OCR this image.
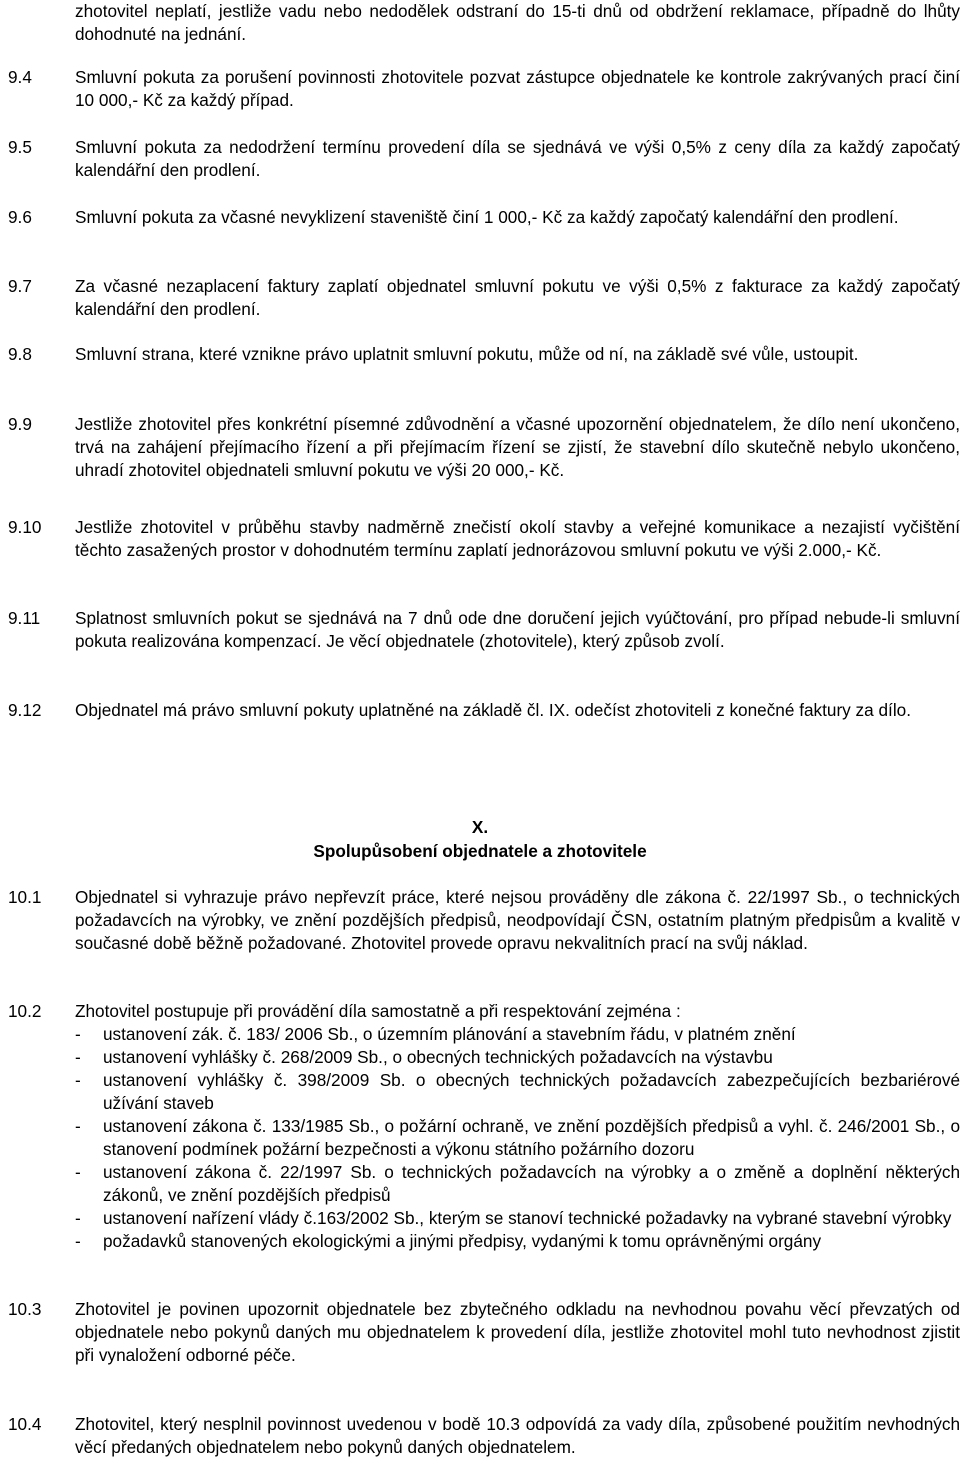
zhotovitel neplatí, jestliže vadu nebo nedodělek odstraní do 15-ti dnů od obdržení reklamace, případně do lhůty dohodnuté na jednání.
9.4	Smluvní pokuta za porušení povinnosti zhotovitele pozvat zástupce objednatele ke kontrole zakrývaných prací činí 10 000,- Kč za každý případ.
9.5	Smluvní pokuta za nedodržení termínu provedení díla se sjednává ve výši 0,5% z ceny díla za každý započatý kalendářní den prodlení.
9.6	Smluvní pokuta za včasné nevyklizení staveniště činí 1 000,- Kč za každý započatý kalendářní den prodlení.
9.7	Za včasné nezaplacení faktury zaplatí objednatel smluvní pokutu ve výši 0,5% z fakturace za každý započatý kalendářní den prodlení.
9.8	Smluvní strana, které vznikne právo uplatnit smluvní pokutu, může od ní, na základě své vůle, ustoupit.
9.9	Jestliže zhotovitel přes konkrétní písemné zdůvodnění a včasné upozornění objednatelem, že dílo není ukončeno, trvá na zahájení přejímacího řízení a při přejímacím řízení se zjistí, že stavební dílo skutečně nebylo ukončeno, uhradí zhotovitel objednateli smluvní pokutu ve výši 20 000,- Kč.
9.10 Jestliže zhotovitel v průběhu stavby nadměrně znečistí okolí stavby a veřejné komunikace a nezajistí vyčištění těchto zasažených prostor v dohodnutém termínu zaplatí jednorázovou smluvní pokutu ve výši 2.000,- Kč.
9.11 Splatnost smluvních pokut se sjednává na 7 dnů ode dne doručení jejich vyúčtování, pro případ nebude-li smluvní pokuta realizována kompenzací. Je věcí objednatele (zhotovitele), který způsob zvolí.
9.12 Objednatel má právo smluvní pokuty uplatněné na základě čl. IX. odečíst zhotoviteli z konečné faktury za dílo.
X.
Spolupůsobení objednatele a zhotovitele
10.1 Objednatel si vyhrazuje právo nepřevzít práce, které nejsou prováděny dle zákona č. 22/1997 Sb., o technických požadavcích na výrobky, ve znění pozdějších předpisů, neodpovídají ČSN, ostatním platným předpisům a kvalitě v současné době běžně požadované. Zhotovitel provede opravu nekvalitních prací na svůj náklad.
10.2 Zhotovitel postupuje při provádění díla samostatně a při respektování zejména :
- ustanovení zák. č. 183/ 2006 Sb., o územním plánování a stavebním řádu, v platném znění
- ustanovení vyhlášky č. 268/2009 Sb., o obecných technických požadavcích na výstavbu
- ustanovení vyhlášky č. 398/2009 Sb. o obecných technických požadavcích zabezpečujících bezbariérové užívání staveb
- ustanovení zákona č. 133/1985 Sb., o požární ochraně, ve znění pozdějších předpisů a vyhl. č. 246/2001 Sb., o stanovení podmínek požární bezpečnosti a výkonu státního požárního dozoru
- ustanovení zákona č. 22/1997 Sb. o technických požadavcích na výrobky a o změně a doplnění některých zákonů, ve znění pozdějších předpisů
- ustanovení nařízení vlády č.163/2002 Sb., kterým se stanoví technické požadavky na vybrané stavební výrobky
- požadavků stanovených ekologickými a jinými předpisy, vydanými k tomu oprávněnými orgány
10.3 Zhotovitel je povinen upozornit objednatele bez zbytečného odkladu na nevhodnou povahu věcí převzatých od objednatele nebo pokynů daných mu objednatelem k provedení díla, jestliže zhotovitel mohl tuto nevhodnost zjistit při vynaložení odborné péče.
10.4 Zhotovitel, který nesplnil povinnost uvedenou v bodě 10.3 odpovídá za vady díla, způsobené použitím nevhodných věcí předaných objednatelem nebo pokynů daných objednatelem.
